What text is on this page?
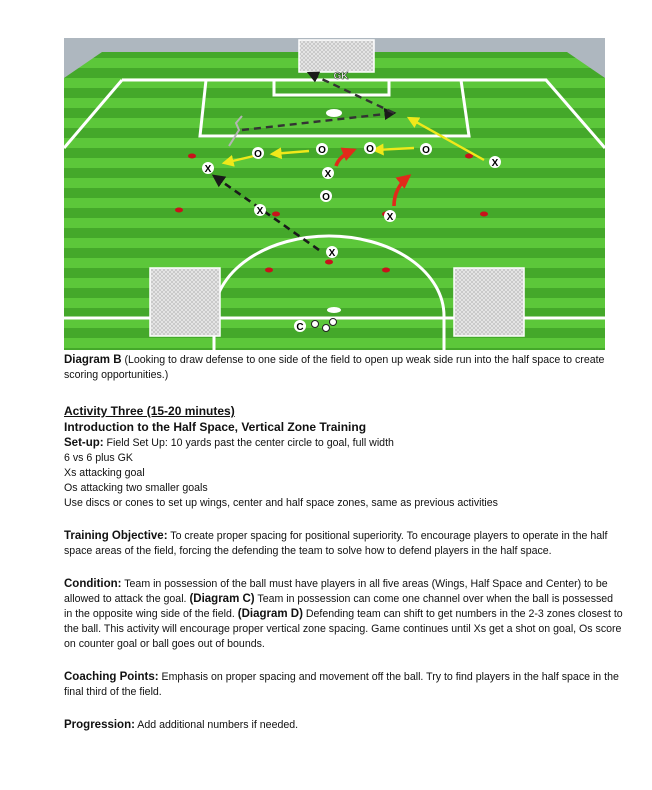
GK
X
O	O	O	O
X
X
O
X
X
X
C

Diagram B (Looking to draw defense to one side of the field to open up weak side run into the half space to create scoring opportunities.)

Activity Three (15-20 minutes)

Introduction to the Half Space, Vertical Zone Training

Set-up: Field Set Up: 10 yards past the center circle to goal, full width

6 vs 6 plus GK

Xs attacking goal

Os attacking two smaller goals

Use discs or cones to set up wings, center and half space zones, same as previous activities

Training Objective: To create proper spacing for positional superiority. To encourage players to operate in the half space areas of the field, forcing the defending the team to solve how to defend players in the half space.

Condition: Team in possession of the ball must have players in all five areas (Wings, Half Space and Center) to be allowed to attack the goal. (Diagram C) Team in possession can come one channel over when the ball is possessed in the opposite wing side of the field. (Diagram D) Defending team can shift to get numbers in the 2-3 zones closest to the ball. This activity will encourage proper vertical zone spacing. Game continues until Xs get a shot on goal, Os score on counter goal or ball goes out of bounds.

Coaching Points: Emphasis on proper spacing and movement off the ball. Try to find players in the half space in the final third of the field.

Progression: Add additional numbers if needed.
